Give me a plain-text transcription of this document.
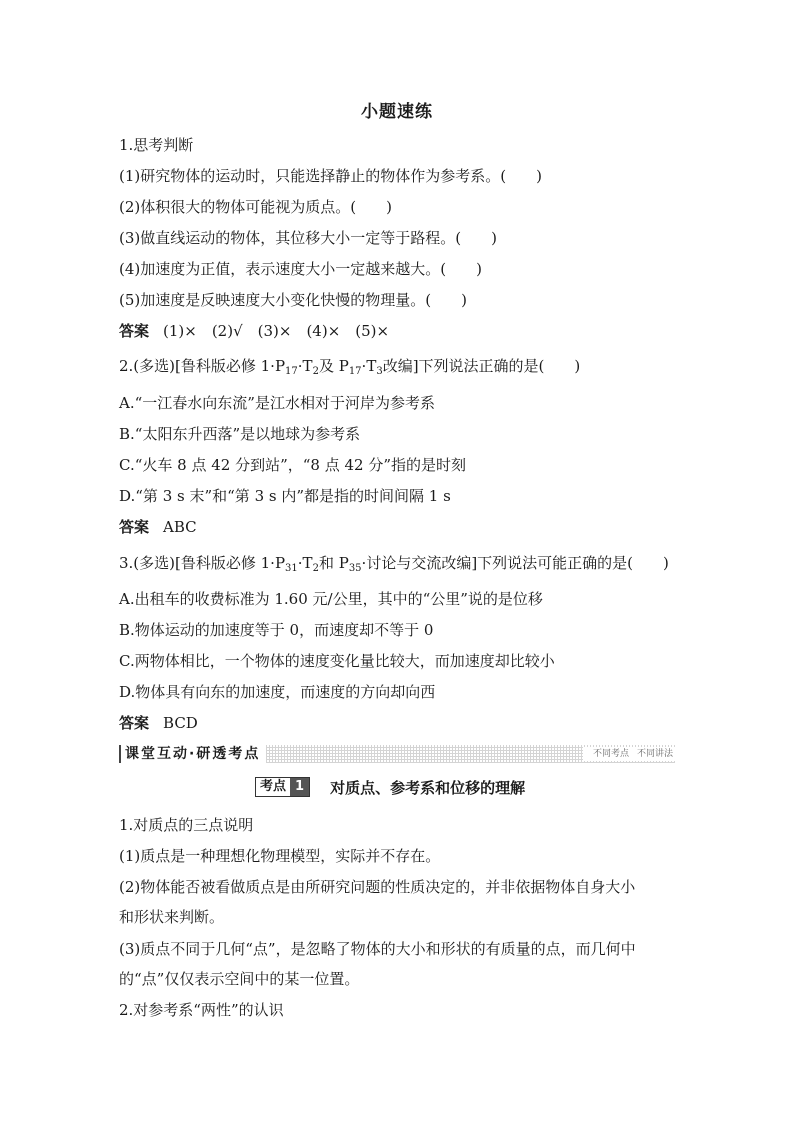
小题速练
1.思考判断
(1)研究物体的运动时，只能选择静止的物体作为参考系。(　　)
(2)体积很大的物体可能视为质点。(　　)
(3)做直线运动的物体，其位移大小一定等于路程。(　　)
(4)加速度为正值，表示速度大小一定越来越大。(　　)
(5)加速度是反映速度大小变化快慢的物理量。(　　)
答案 (1)×　(2)√　(3)×　(4)×　(5)×
2.(多选)[鲁科版必修 $1\cdot P_{17}\cdot T_2$及 $P_{17}\cdot T_3$改编]下列说法正确的是(　　)
A.“一江春水向东流”是江水相对于河岸为参考系
B.“太阳东升西落”是以地球为参考系
C.“火车 8 点 42 分到站”，“8 点 42 分”指的是时刻
D.“第 3 s 末”和“第 3 s 内”都是指的时间间隔 1 s
答案 ABC
3.(多选)[鲁科版必修 $1\cdot P_{31}\cdot T_2$和 $P_{35}\cdot$讨论与交流改编]下列说法可能正确的是(　　)
A.出租车的收费标准为 1.60 元/公里，其中的“公里”说的是位移
B.物体运动的加速度等于 0，而速度却不等于 0
C.两物体相比，一个物体的速度变化量比较大，而加速度却比较小
D.物体具有向东的加速度，而速度的方向却向西
答案 BCD
课堂互动·研透考点	不同考点 不同讲法
考点 1	对质点、参考系和位移的理解
1.对质点的三点说明
(1)质点是一种理想化物理模型，实际并不存在。
(2)物体能否被看做质点是由所研究问题的性质决定的，并非依据物体自身大小
和形状来判断。
(3)质点不同于几何“点”，是忽略了物体的大小和形状的有质量的点，而几何中
的“点”仅仅表示空间中的某一位置。
2.对参考系“两性”的认识
